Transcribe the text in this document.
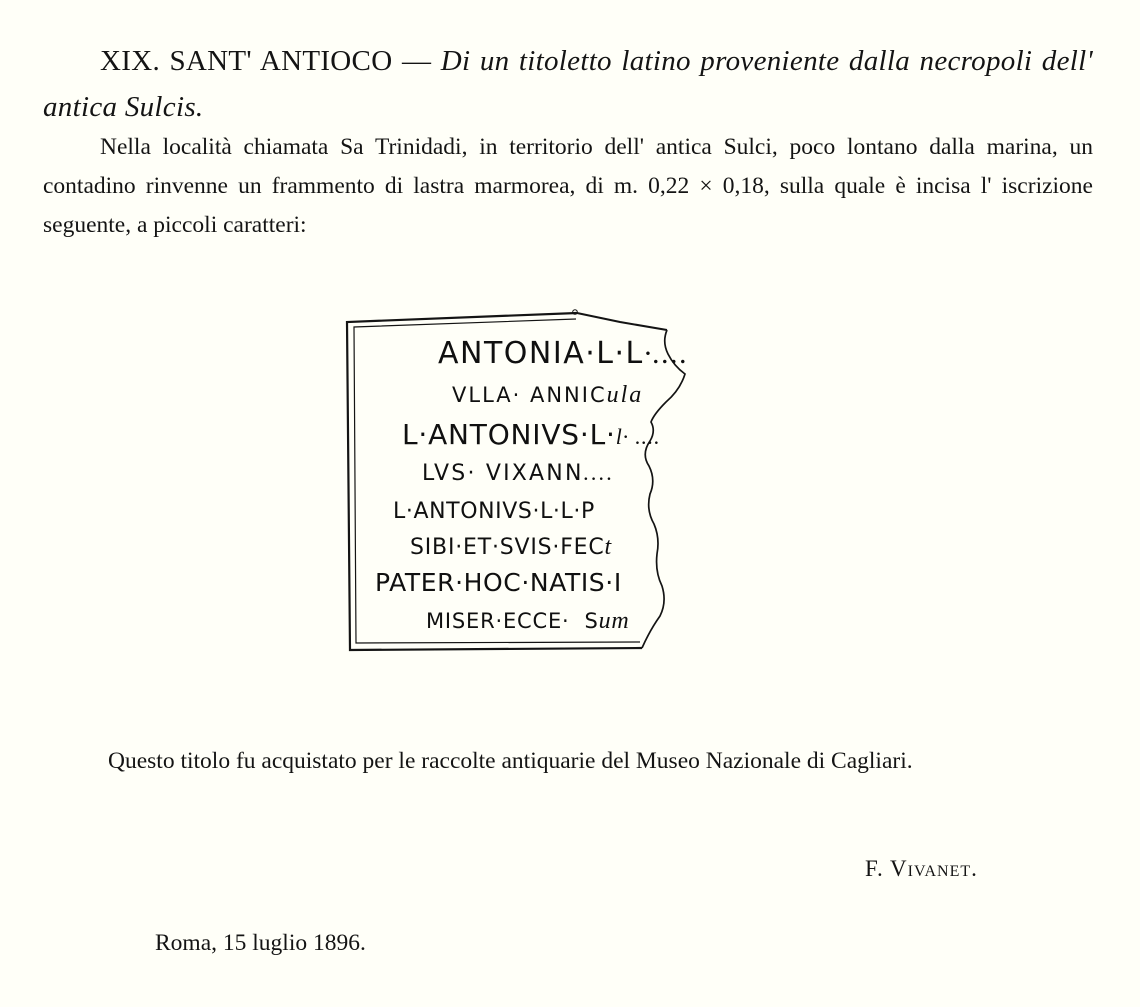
XIX. SANT' ANTIOCO — Di un titoletto latino proveniente dalla necropoli dell' antica Sulcis.
Nella località chiamata Sa Trinidadi, in territorio dell' antica Sulci, poco lontano dalla marina, un contadino rinvenne un frammento di lastra marmorea, di m. 0,22 × 0,18, sulla quale è incisa l' iscrizione seguente, a piccoli caratteri:
ANTONIA·L·L·....
VLLA· ANNICula
L·ANTONIVS·L·l· ....
LVS· VIXANN....
L·ANTONIVS·L·L·P
SIBI·ET·SVIS·FECt
PATER·HOC·NATIS·I
MISER·ECCE·  Sum
Questo titolo fu acquistato per le raccolte antiquarie del Museo Nazionale di Cagliari.
F. Vivanet.
Roma, 15 luglio 1896.
